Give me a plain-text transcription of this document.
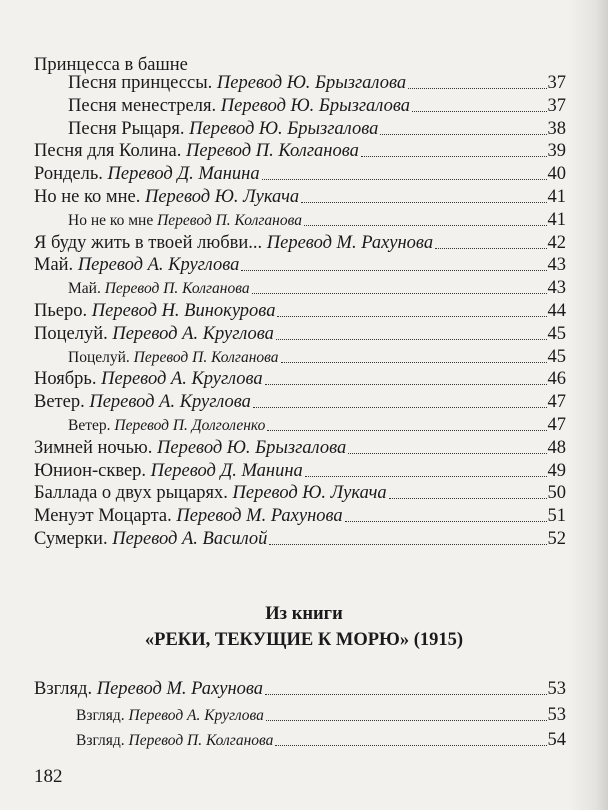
Принцесса в башне
Песня принцессы. Перевод Ю. Брызгалова	37
Песня менестреля. Перевод Ю. Брызгалова	37
Песня Рыцаря. Перевод Ю. Брызгалова	38
Песня для Колина. Перевод П. Колганова	39
Рондель. Перевод Д. Манина	40
Но не ко мне. Перевод Ю. Лукача	41
Но не ко мне Перевод П. Колганова	41
Я буду жить в твоей любви... Перевод М. Рахунова	42
Май. Перевод А. Круглова	43
Май. Перевод П. Колганова	43
Пьеро. Перевод Н. Винокурова	44
Поцелуй. Перевод А. Круглова	45
Поцелуй. Перевод П. Колганова	45
Ноябрь. Перевод А. Круглова	46
Ветер. Перевод А. Круглова	47
Ветер. Перевод П. Долголенко	47
Зимней ночью. Перевод Ю. Брызгалова	48
Юнион-сквер. Перевод Д. Манина	49
Баллада о двух рыцарях. Перевод Ю. Лукача	50
Менуэт Моцарта. Перевод М. Рахунова	51
Сумерки. Перевод А. Василой	52
Из книги
«РЕКИ, ТЕКУЩИЕ К МОРЮ» (1915)
Взгляд. Перевод М. Рахунова	53
Взгляд. Перевод А. Круглова	53
Взгляд. Перевод П. Колганова	54
182
